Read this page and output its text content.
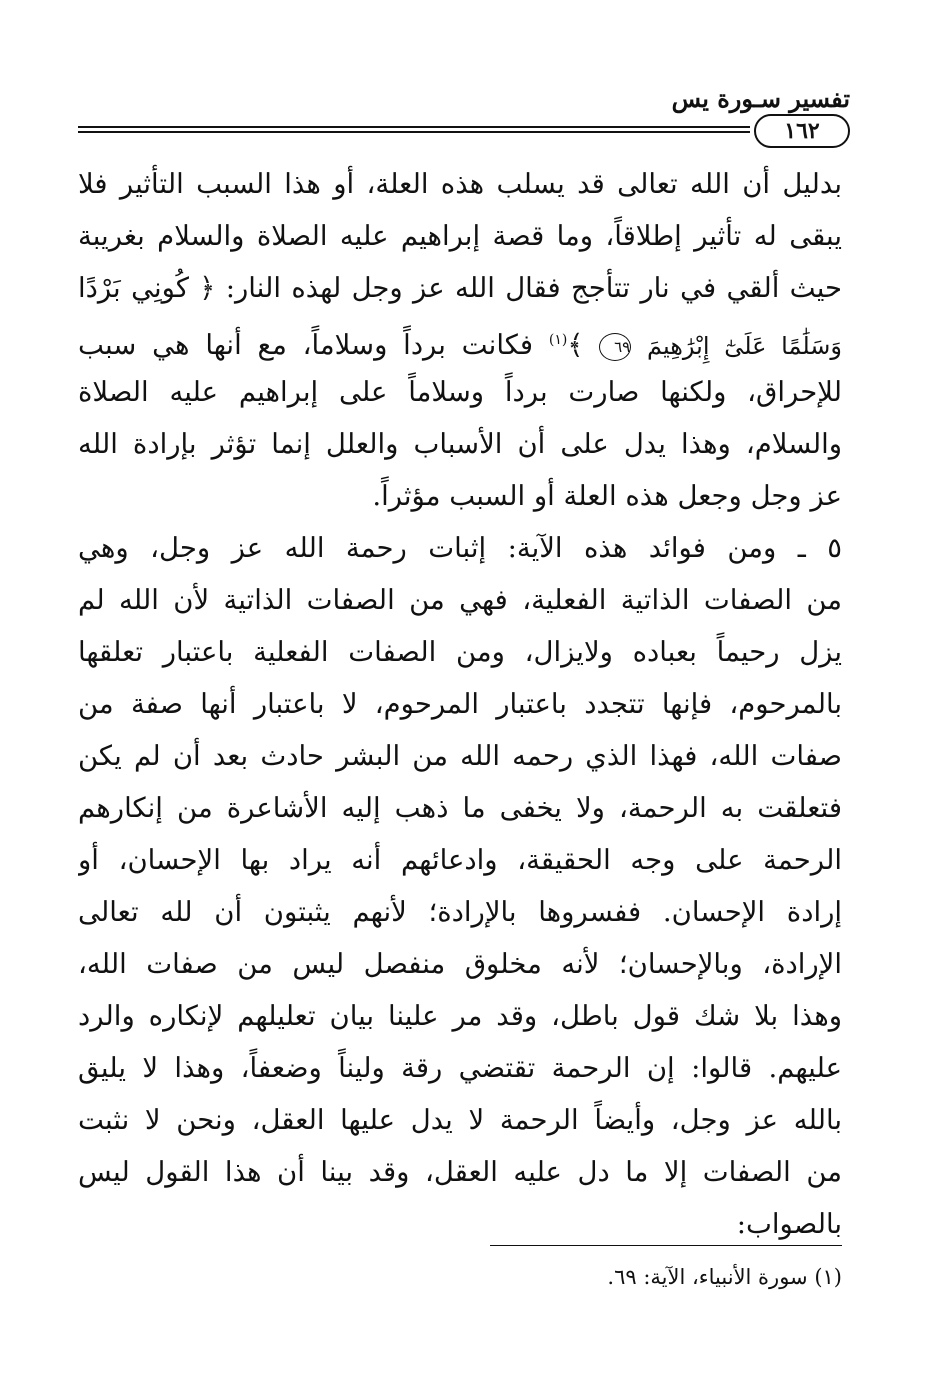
تفسير سـورة يس
١٦٢
بدليل أن الله تعالى قد يسلب هذه العلة، أو هذا السبب التأثير فلا
يبقى له تأثير إطلاقاً، وما قصة إبراهيم عليه الصلاة والسلام بغريبة
حيث ألقي في نار تتأجج فقال الله عز وجل لهذه النار: ﴿ كُونِي بَرْدًا
وَسَلَٰمًا عَلَىٰٓ إِبْرَٰهِيمَ ٦٩ ﴾$^{(١)}$ فكانت برداً وسلاماً، مع أنها هي سبب
للإحراق، ولكنها صارت برداً وسلاماً على إبراهيم عليه الصلاة
والسلام، وهذا يدل على أن الأسباب والعلل إنما تؤثر بإرادة الله
عز وجل وجعل هذه العلة أو السبب مؤثراً.
٥ ـ ومن فوائد هذه الآية: إثبات رحمة الله عز وجل، وهي
من الصفات الذاتية الفعلية، فهي من الصفات الذاتية لأن الله لم
يزل رحيماً بعباده ولايزال، ومن الصفات الفعلية باعتبار تعلقها
بالمرحوم، فإنها تتجدد باعتبار المرحوم، لا باعتبار أنها صفة من
صفات الله، فهذا الذي رحمه الله من البشر حادث بعد أن لم يكن
فتعلقت به الرحمة، ولا يخفى ما ذهب إليه الأشاعرة من إنكارهم
الرحمة على وجه الحقيقة، وادعائهم أنه يراد بها الإحسان، أو
إرادة الإحسان. ففسروها بالإرادة؛ لأنهم يثبتون أن لله تعالى
الإرادة، وبالإحسان؛ لأنه مخلوق منفصل ليس من صفات الله،
وهذا بلا شك قول باطل، وقد مر علينا بيان تعليلهم لإنكاره والرد
عليهم. قالوا: إن الرحمة تقتضي رقة وليناً وضعفاً، وهذا لا يليق
بالله عز وجل، وأيضاً الرحمة لا يدل عليها العقل، ونحن لا نثبت
من الصفات إلا ما دل عليه العقل، وقد بينا أن هذا القول ليس
بالصواب:
(١) سورة الأنبياء، الآية: ٦٩.
